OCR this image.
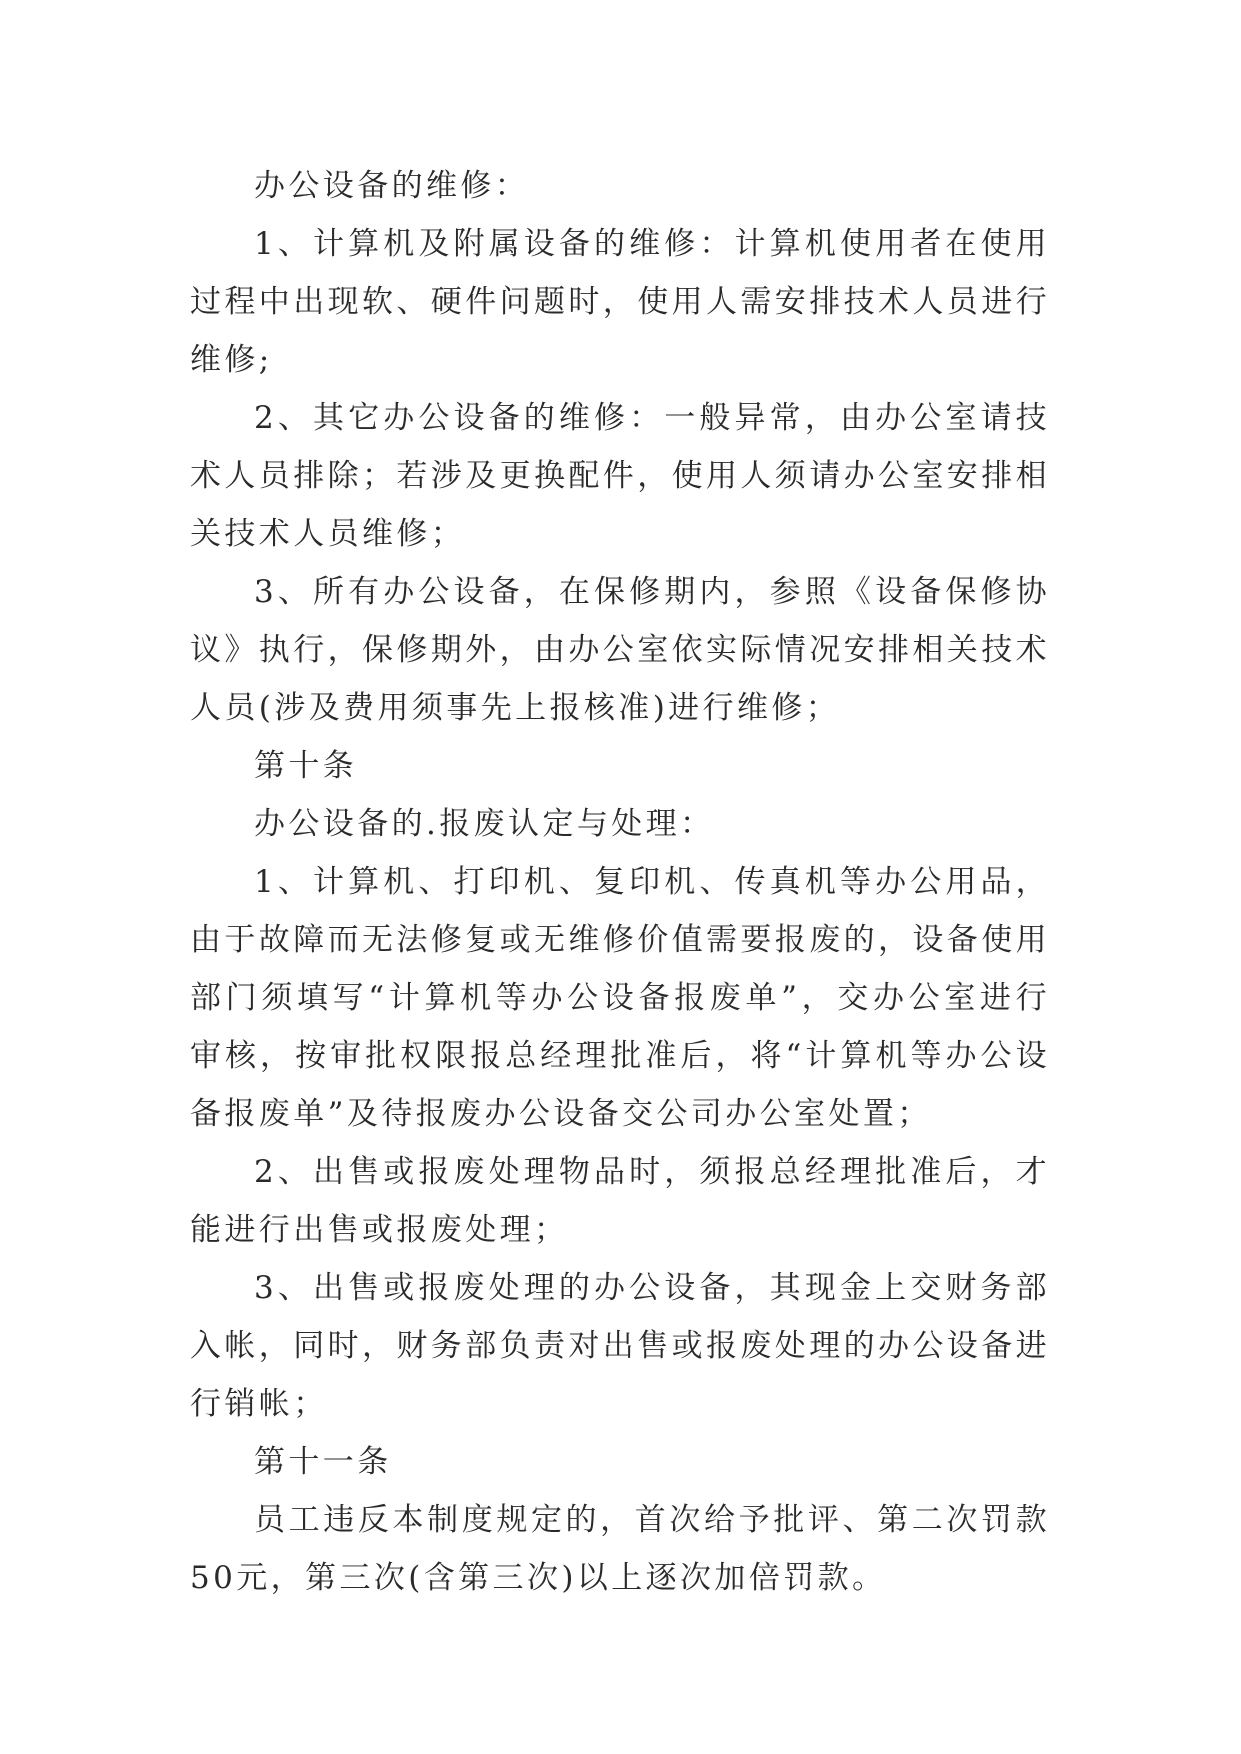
办公设备的维修：

1、计算机及附属设备的维修：计算机使用者在使用过程中出现软、硬件问题时，使用人需安排技术人员进行维修;

2、其它办公设备的维修：一般异常，由办公室请技术人员排除；若涉及更换配件，使用人须请办公室安排相关技术人员维修；

3、所有办公设备，在保修期内，参照《设备保修协议》执行，保修期外，由办公室依实际情况安排相关技术人员(涉及费用须事先上报核准)进行维修；

第十条

办公设备的.报废认定与处理：

1、计算机、打印机、复印机、传真机等办公用品，由于故障而无法修复或无维修价值需要报废的，设备使用部门须填写“计算机等办公设备报废单”，交办公室进行审核，按审批权限报总经理批准后，将“计算机等办公设备报废单”及待报废办公设备交公司办公室处置；

2、出售或报废处理物品时，须报总经理批准后，才能进行出售或报废处理；

3、出售或报废处理的办公设备，其现金上交财务部入帐，同时，财务部负责对出售或报废处理的办公设备进行销帐；

第十一条

员工违反本制度规定的，首次给予批评、第二次罚款50元，第三次(含第三次)以上逐次加倍罚款。
